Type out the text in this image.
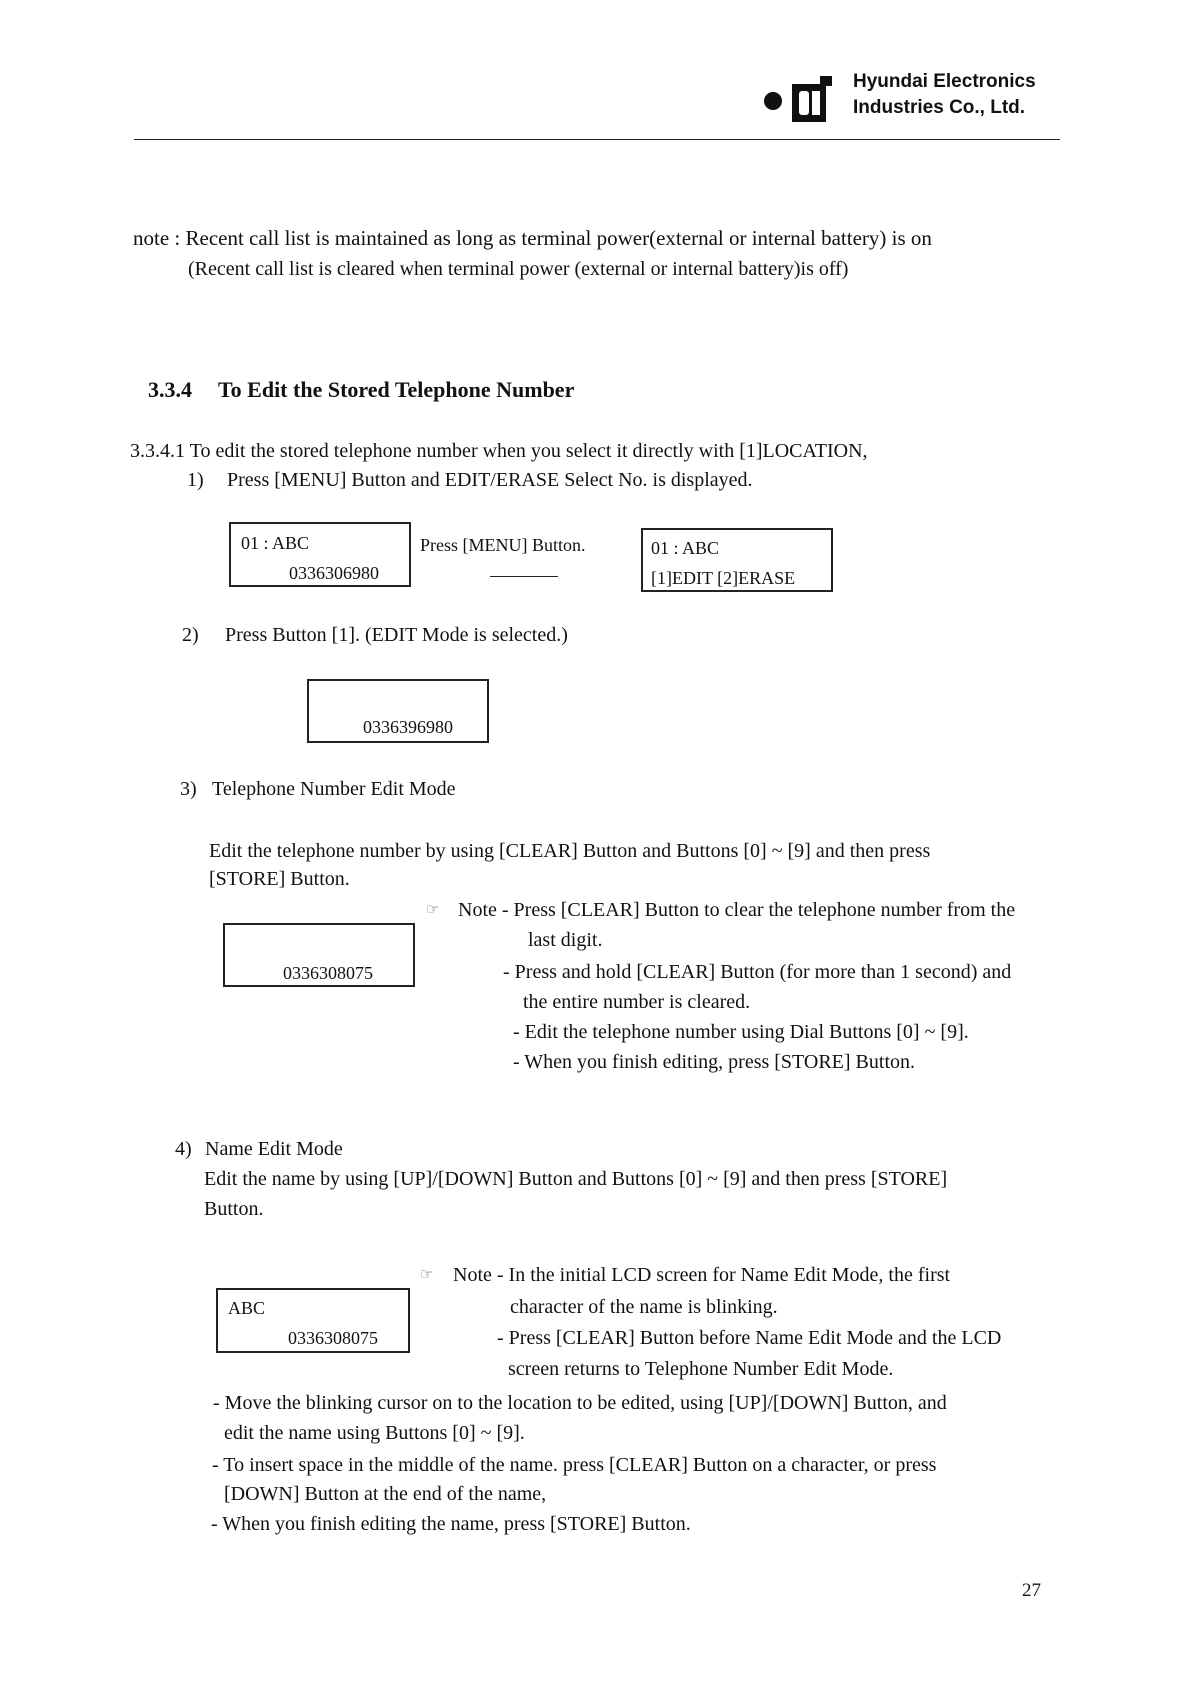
Hyundai Electronics
Industries Co., Ltd.
note : Recent call list is maintained as long as terminal power(external or internal battery) is on
(Recent call list is cleared when terminal power (external or internal battery)is off)
3.3.4 To Edit the Stored Telephone Number
3.3.4.1 To edit the stored telephone number when you select it directly with [1]LOCATION,
1) Press [MENU] Button and EDIT/ERASE Select No. is displayed.
01 : ABC
0336306980
Press [MENU] Button.	01 : ABC
[1]EDIT [2]ERASE
2) Press Button [1]. (EDIT Mode is selected.)
0336396980
3) Telephone Number Edit Mode
Edit the telephone number by using [CLEAR] Button and Buttons [0] ~ [9] and then press
[STORE] Button.
0336308075
☞ Note - Press [CLEAR] Button to clear the telephone number from the
last digit.
- Press and hold [CLEAR] Button (for more than 1 second) and
the entire number is cleared.
- Edit the telephone number using Dial Buttons [0] ~ [9].
- When you finish editing, press [STORE] Button.
4) Name Edit Mode
Edit the name by using [UP]/[DOWN] Button and Buttons [0] ~ [9] and then press [STORE]
Button.
ABC
0336308075
☞ Note - In the initial LCD screen for Name Edit Mode, the first
character of the name is blinking.
- Press [CLEAR] Button before Name Edit Mode and the LCD
screen returns to Telephone Number Edit Mode.
- Move the blinking cursor on to the location to be edited, using [UP]/[DOWN] Button, and
edit the name using Buttons [0] ~ [9].
- To insert space in the middle of the name. press [CLEAR] Button on a character, or press
[DOWN] Button at the end of the name,
- When you finish editing the name, press [STORE] Button.
27
